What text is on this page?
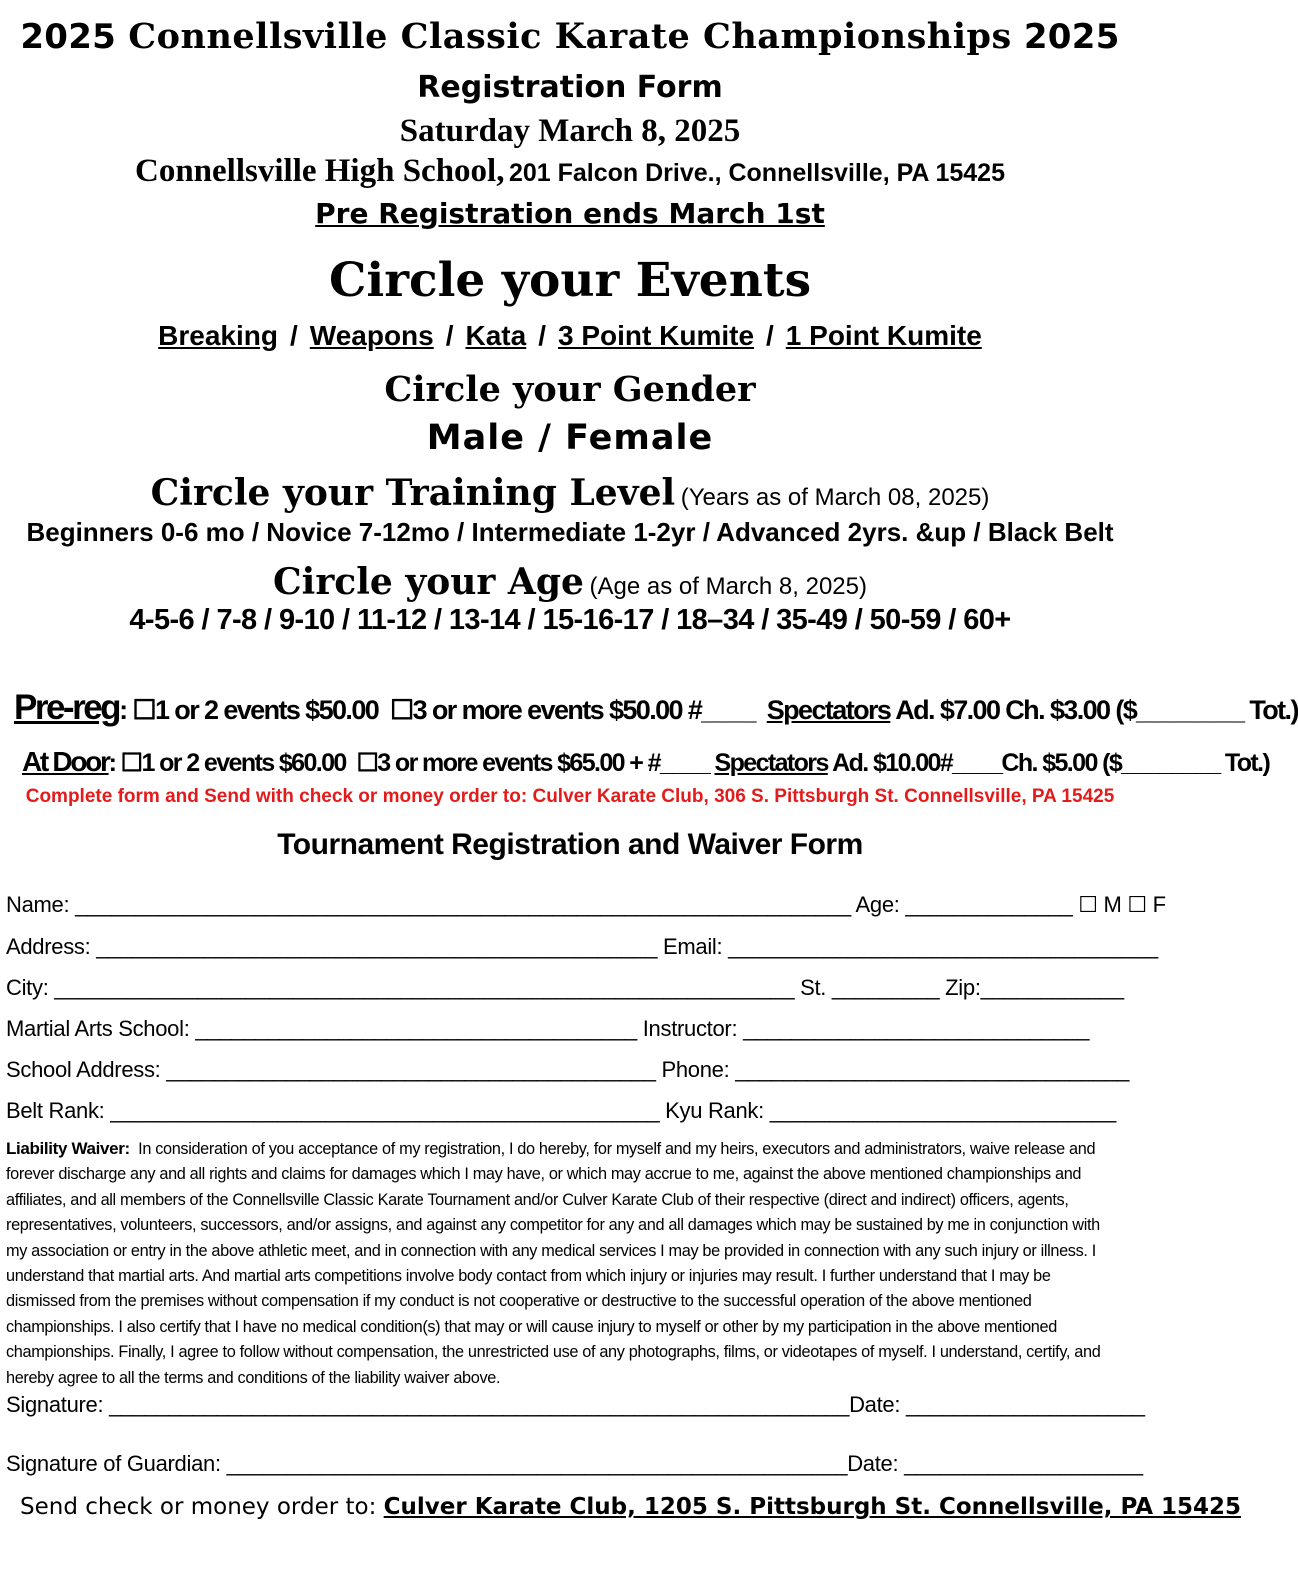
2025 Connellsville Classic Karate Championships 2025
Registration Form
Saturday March 8, 2025
Connellsville High School, 201 Falcon Drive., Connellsville, PA 15425
Pre Registration ends March 1st
Circle your Events
Breaking / Weapons / Kata / 3 Point Kumite / 1 Point Kumite
Circle your Gender
Male / Female
Circle your Training Level (Years as of March 08, 2025)
Beginners 0-6 mo / Novice 7-12mo / Intermediate 1-2yr / Advanced 2yrs. &up / Black Belt
Circle your Age (Age as of March 8, 2025)
4-5-6 / 7-8 / 9-10 / 11-12 / 13-14 / 15-16-17 / 18–34 / 35-49 / 50-59 / 60+
Pre-reg: ☐1 or 2 events $50.00 ☐3 or more events $50.00 #____ Spectators Ad. $7.00 Ch. $3.00 ($________ Tot.)
At Door: ☐1 or 2 events $60.00 ☐3 or more events $65.00 + #____ Spectators Ad. $10.00#____Ch. $5.00 ($________ Tot.)
Complete form and Send with check or money order to: Culver Karate Club, 306 S. Pittsburgh St. Connellsville, PA 15425
Tournament Registration and Waiver Form
Name: _________________________________________________________________ Age: ______________ ☐ M ☐ F
Address: _______________________________________________ Email: ____________________________________
City: ______________________________________________________________ St. _________ Zip:____________
Martial Arts School: _____________________________________ Instructor: _____________________________
School Address: _________________________________________ Phone: _________________________________
Belt Rank: ______________________________________________ Kyu Rank: _____________________________
Liability Waiver: In consideration of you acceptance of my registration, I do hereby, for myself and my heirs, executors and administrators, waive release and forever discharge any and all rights and claims for damages which I may have, or which may accrue to me, against the above mentioned championships and affiliates, and all members of the Connellsville Classic Karate Tournament and/or Culver Karate Club of their respective (direct and indirect) officers, agents, representatives, volunteers, successors, and/or assigns, and against any competitor for any and all damages which may be sustained by me in conjunction with my association or entry in the above athletic meet, and in connection with any medical services I may be provided in connection with any such injury or illness. I understand that martial arts. And martial arts competitions involve body contact from which injury or injuries may result. I further understand that I may be dismissed from the premises without compensation if my conduct is not cooperative or destructive to the successful operation of the above mentioned championships. I also certify that I have no medical condition(s) that may or will cause injury to myself or other by my participation in the above mentioned championships. Finally, I agree to follow without compensation, the unrestricted use of any photographs, films, or videotapes of myself. I understand, certify, and hereby agree to all the terms and conditions of the liability waiver above.
Signature: ______________________________________________________________Date: ____________________
Signature of Guardian: ____________________________________________________Date: ____________________
Send check or money order to: Culver Karate Club, 1205 S. Pittsburgh St. Connellsville, PA 15425
